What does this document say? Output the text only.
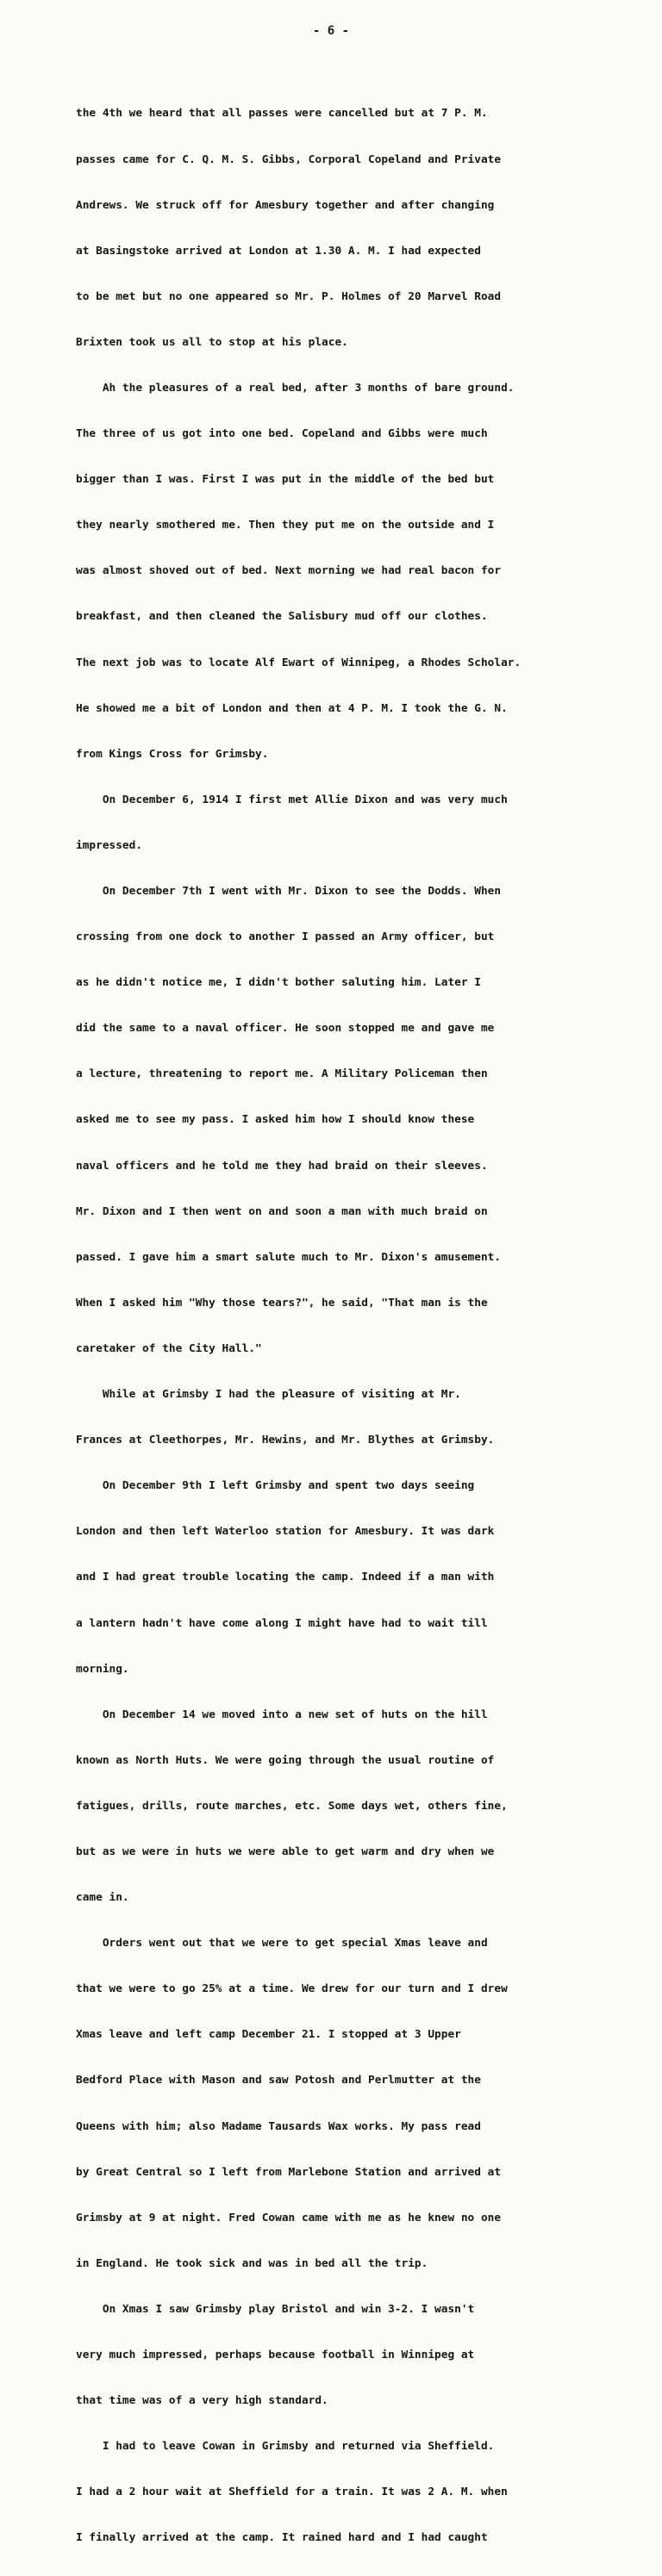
- 6 -

the 4th we heard that all passes were cancelled but at 7 P. M.

passes came for C. Q. M. S. Gibbs, Corporal Copeland and Private

Andrews. We struck off for Amesbury together and after changing

at Basingstoke arrived at London at 1.30 A. M. I had expected

to be met but no one appeared so Mr. P. Holmes of 20 Marvel Road

Brixten took us all to stop at his place.

Ah the pleasures of a real bed, after 3 months of bare ground.

The three of us got into one bed. Copeland and Gibbs were much

bigger than I was. First I was put in the middle of the bed but

they nearly smothered me. Then they put me on the outside and I

was almost shoved out of bed. Next morning we had real bacon for

breakfast, and then cleaned the Salisbury mud off our clothes.

The next job was to locate Alf Ewart of Winnipeg, a Rhodes Scholar.

He showed me a bit of London and then at 4 P. M. I took the G. N.

from Kings Cross for Grimsby.

On December 6, 1914 I first met Allie Dixon and was very much

impressed.

On December 7th I went with Mr. Dixon to see the Dodds. When

crossing from one dock to another I passed an Army officer, but

as he didn't notice me, I didn't bother saluting him. Later I

did the same to a naval officer. He soon stopped me and gave me

a lecture, threatening to report me. A Military Policeman then

asked me to see my pass. I asked him how I should know these

naval officers and he told me they had braid on their sleeves.

Mr. Dixon and I then went on and soon a man with much braid on

passed. I gave him a smart salute much to Mr. Dixon's amusement.

When I asked him "Why those tears?", he said, "That man is the

caretaker of the City Hall."

While at Grimsby I had the pleasure of visiting at Mr.

Frances at Cleethorpes, Mr. Hewins, and Mr. Blythes at Grimsby.

On December 9th I left Grimsby and spent two days seeing

London and then left Waterloo station for Amesbury. It was dark

and I had great trouble locating the camp. Indeed if a man with

a lantern hadn't have come along I might have had to wait till

morning.

On December 14 we moved into a new set of huts on the hill

known as North Huts. We were going through the usual routine of

fatigues, drills, route marches, etc. Some days wet, others fine,

but as we were in huts we were able to get warm and dry when we

came in.

Orders went out that we were to get special Xmas leave and

that we were to go 25% at a time. We drew for our turn and I drew

Xmas leave and left camp December 21. I stopped at 3 Upper

Bedford Place with Mason and saw Potosh and Perlmutter at the

Queens with him; also Madame Tausards Wax works. My pass read

by Great Central so I left from Marlebone Station and arrived at

Grimsby at 9 at night. Fred Cowan came with me as he knew no one

in England. He took sick and was in bed all the trip.

On Xmas I saw Grimsby play Bristol and win 3-2. I wasn't

very much impressed, perhaps because football in Winnipeg at

that time was of a very high standard.

I had to leave Cowan in Grimsby and returned via Sheffield.

I had a 2 hour wait at Sheffield for a train. It was 2 A. M. when

I finally arrived at the camp. It rained hard and I had caught
